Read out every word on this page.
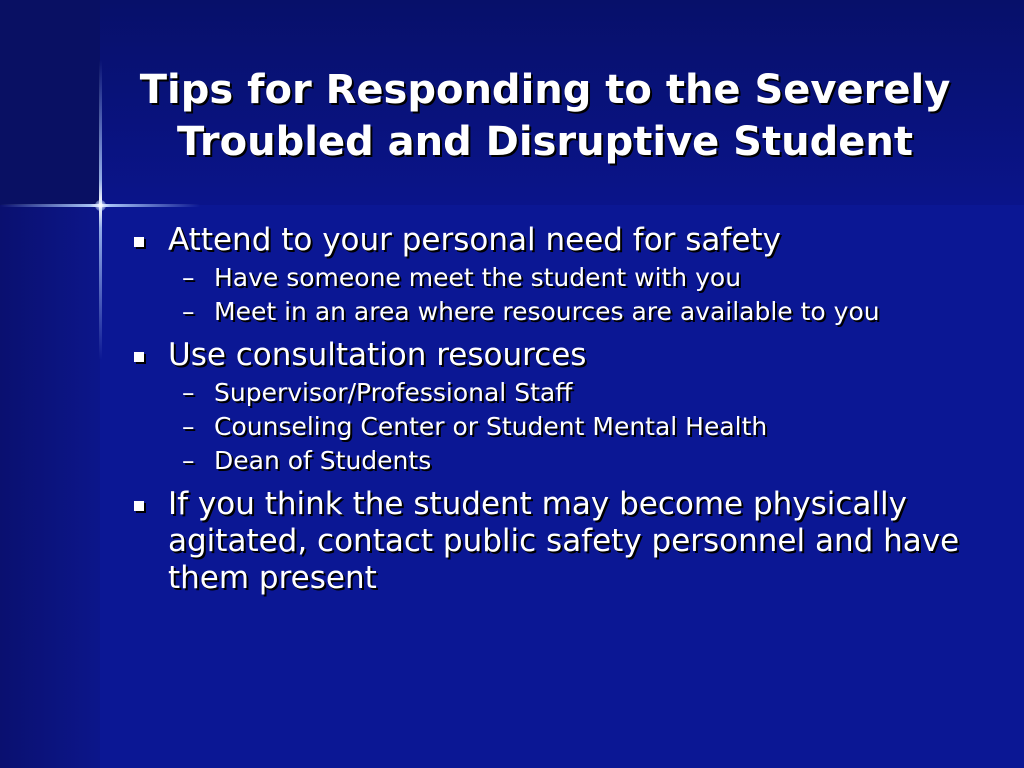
Tips for Responding to the Severely Troubled and Disruptive Student
Attend to your personal need for safety
– Have someone meet the student with you
– Meet in an area where resources are available to you
Use consultation resources
– Supervisor/Professional Staff
– Counseling Center or Student Mental Health
– Dean of Students
If you think the student may become physically agitated, contact public safety personnel and have them present
